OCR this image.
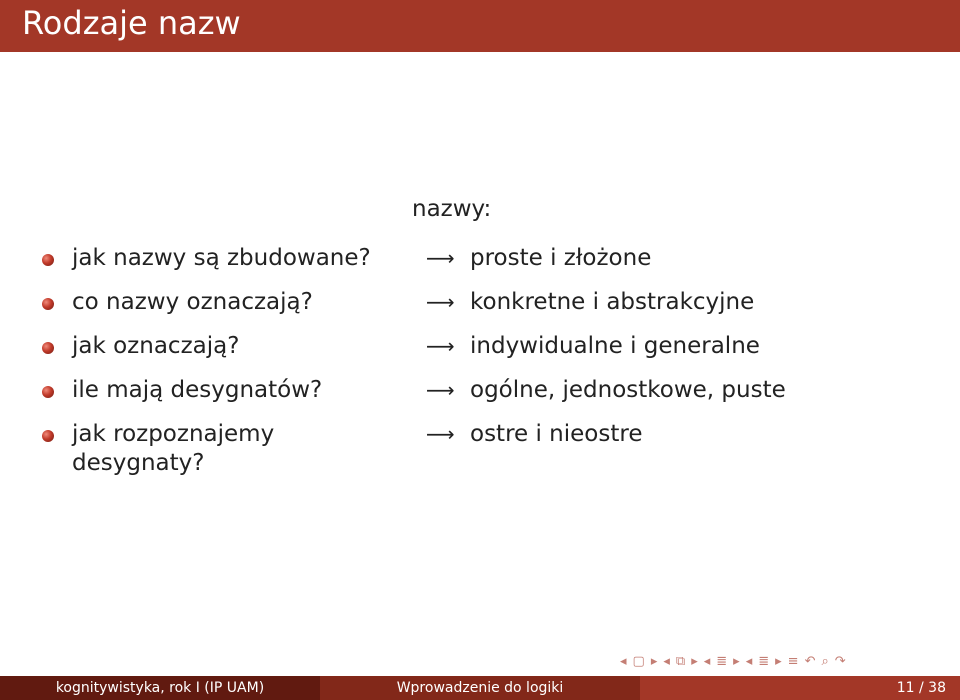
Rodzaje nazw
nazwy:
jak nazwy są zbudowane?
co nazwy oznaczają?
jak oznaczają?
ile mają desygnatów?
jak rozpoznajemy desygnaty?
⟶ proste i złożone
⟶ konkretne i abstrakcyjne
⟶ indywidualne i generalne
⟶ ogólne, jednostkowe, puste
⟶ ostre i nieostre
◂ ▢ ▸ ◂ ⧉ ▸ ◂ ≣ ▸ ◂ ≣ ▸ ≡ ↶ ⌕ ↷
kognitywistyka, rok I (IP UAM)	Wprowadzenie do logiki	11 / 38
